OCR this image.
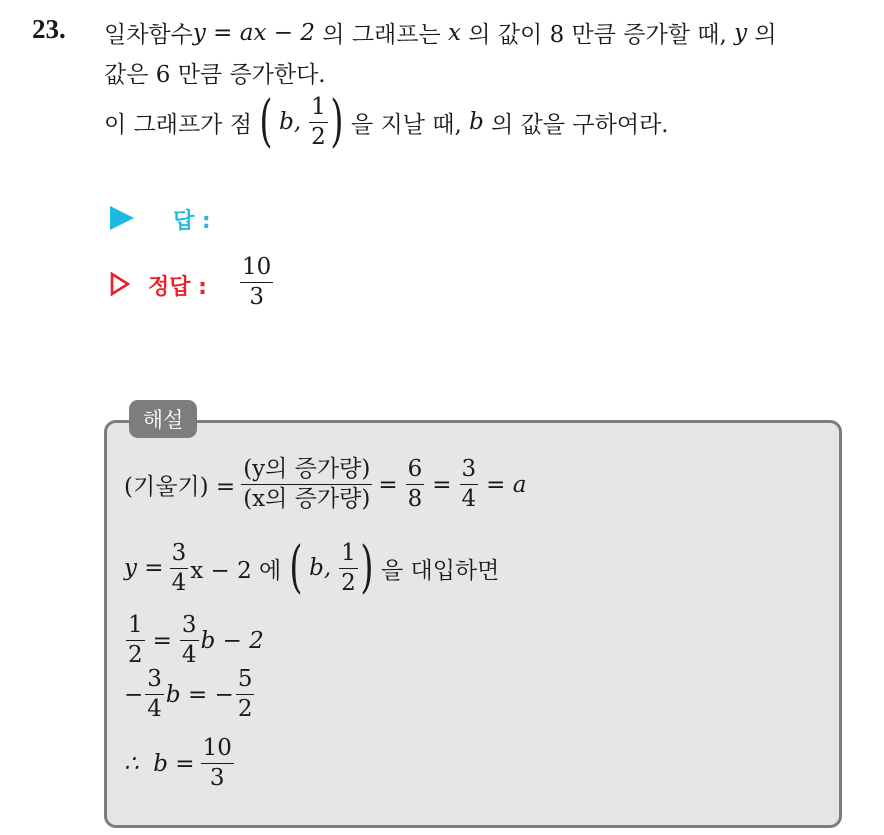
23. 일차함수 y = ax − 2 의 그래프는 x 의 값이 8 만큼 증가할 때, y 의
값은 6 만큼 증가한다.
이 그래프가 점 ( b, $\frac{1}{2}$ ) 을 지날 때, b 의 값을 구하여라.
답 :
정답 : $\frac{10}{3}$
해설
(기울기) = $\frac{\text{(y의 증가량)}}{\text{(x의 증가량)}} = \frac{6}{8} = \frac{3}{4} = a$
$y = \frac{3}{4}$ x − 2 에 ( b, $\frac{1}{2}$ ) 을 대입하면
$\frac{1}{2} = \frac{3}{4}$ b − 2
− $\frac{3}{4}$ b = − $\frac{5}{2}$
∴  $b = \frac{10}{3}$
